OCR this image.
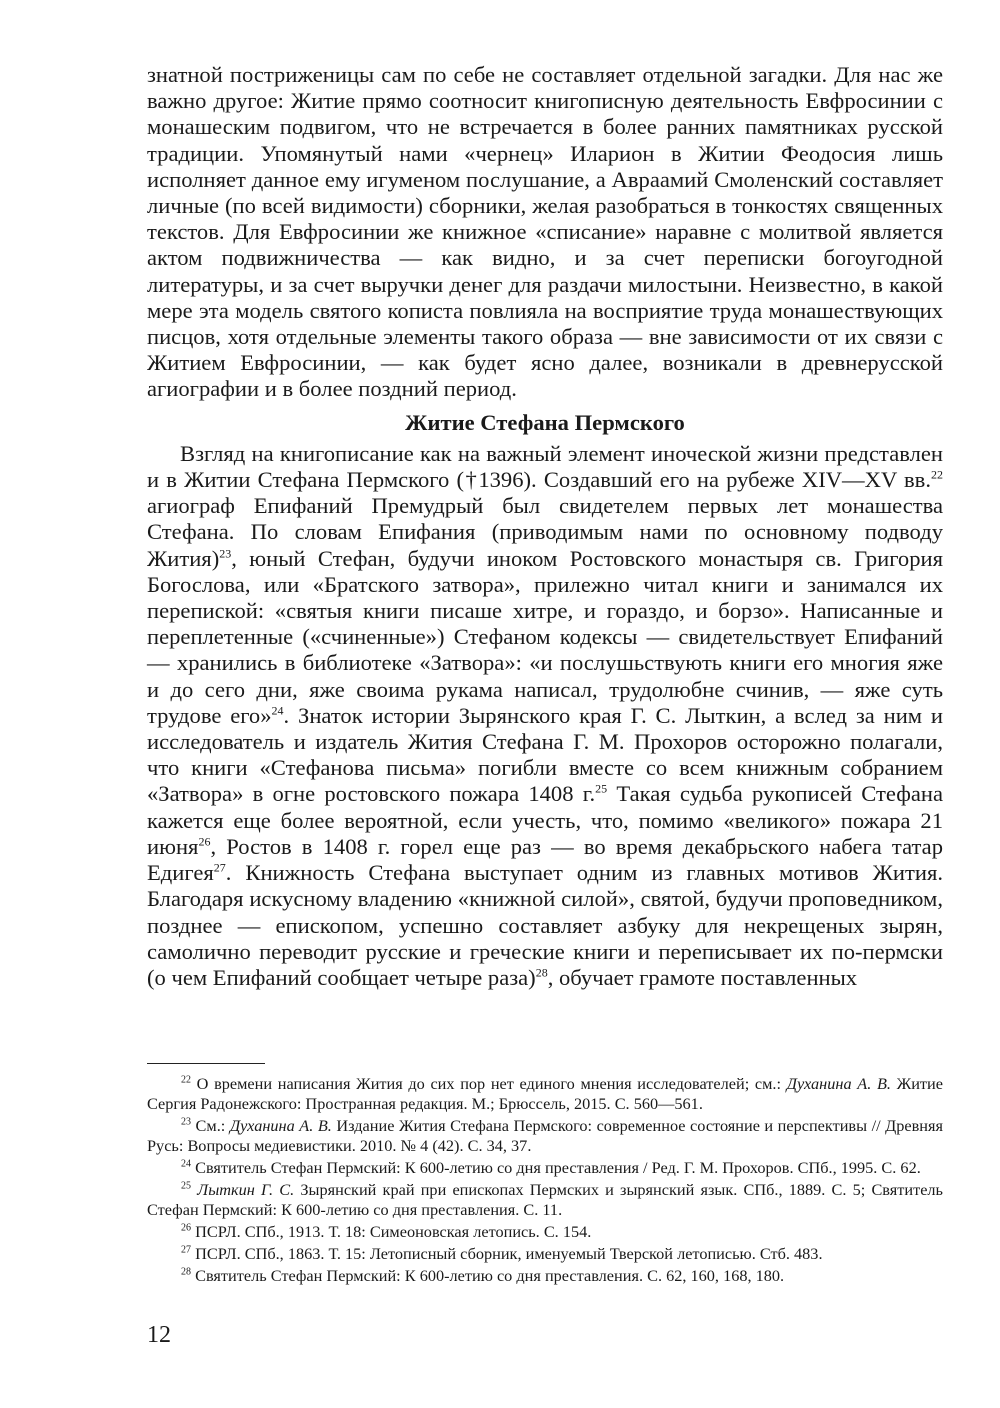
знатной постриженицы сам по себе не составляет отдельной загадки. Для нас же важно другое: Житие прямо соотносит книгописную деятельность Евфросинии с монашеским подвигом, что не встречается в более ранних памятниках русской традиции. Упомянутый нами «чернец» Иларион в Житии Феодосия лишь исполняет данное ему игуменом послушание, а Авраамий Смоленский составляет личные (по всей видимости) сборники, желая разобраться в тонкостях священных текстов. Для Евфросинии же книжное «списание» наравне с молитвой является актом подвижничества — как видно, и за счет переписки богоугодной литературы, и за счет выручки денег для раздачи милостыни. Неизвестно, в какой мере эта модель святого кописта повлияла на восприятие труда монашествующих писцов, хотя отдельные элементы такого образа — вне зависимости от их связи с Житием Евфросинии, — как будет ясно далее, возникали в древнерусской агиографии и в более поздний период.

Житие Стефана Пермского

Взгляд на книгописание как на важный элемент иноческой жизни представлен и в Житии Стефана Пермского (†1396). Создавший его на рубеже XIV—XV вв.$^{22}$ агиограф Епифаний Премудрый был свидетелем первых лет монашества Стефана. По словам Епифания (приводимым нами по основному подводу Жития)$^{23}$, юный Стефан, будучи иноком Ростовского монастыря св. Григория Богослова, или «Братского затвора», прилежно читал книги и занимался их перепиской: «святыя книги писаше хитре, и гораздо, и борзо». Написанные и переплетенные («счиненные») Стефаном кодексы — свидетельствует Епифаний — хранились в библиотеке «Затвора»: «и послушьствують книги его многия яже и до сего дни, яже своима рукама написал, трудолюбне счинив, — яже суть трудове его»$^{24}$. Знаток истории Зырянского края Г. С. Лыткин, а вслед за ним и исследователь и издатель Жития Стефана Г. М. Прохоров осторожно полагали, что книги «Стефанова письма» погибли вместе со всем книжным собранием «Затвора» в огне ростовского пожара 1408 г.$^{25}$ Такая судьба рукописей Стефана кажется еще более вероятной, если учесть, что, помимо «великого» пожара 21 июня$^{26}$, Ростов в 1408 г. горел еще раз — во время декабрьского набега татар Едигея$^{27}$. Книжность Стефана выступает одним из главных мотивов Жития. Благодаря искусному владению «книжной силой», святой, будучи проповедником, позднее — епископом, успешно составляет азбуку для некрещеных зырян, самолично переводит русские и греческие книги и переписывает их по-пермски (о чем Епифаний сообщает четыре раза)$^{28}$, обучает грамоте поставленных

$^{22}$ О времени написания Жития до сих пор нет единого мнения исследователей; см.: Духанина А. В. Житие Сергия Радонежского: Пространная редакция. М.; Брюссель, 2015. С. 560—561.

$^{23}$ См.: Духанина А. В. Издание Жития Стефана Пермского: современное состояние и перспективы // Древняя Русь: Вопросы медиевистики. 2010. № 4 (42). С. 34, 37.

$^{24}$ Святитель Стефан Пермский: К 600-летию со дня преставления / Ред. Г. М. Прохоров. СПб., 1995. С. 62.

$^{25}$ Лыткин Г. С. Зырянский край при епископах Пермских и зырянский язык. СПб., 1889. С. 5; Святитель Стефан Пермский: К 600-летию со дня преставления. С. 11.

$^{26}$ ПСРЛ. СПб., 1913. Т. 18: Симеоновская летопись. С. 154.

$^{27}$ ПСРЛ. СПб., 1863. Т. 15: Летописный сборник, именуемый Тверской летописью. Стб. 483.

$^{28}$ Святитель Стефан Пермский: К 600-летию со дня преставления. С. 62, 160, 168, 180.

12
